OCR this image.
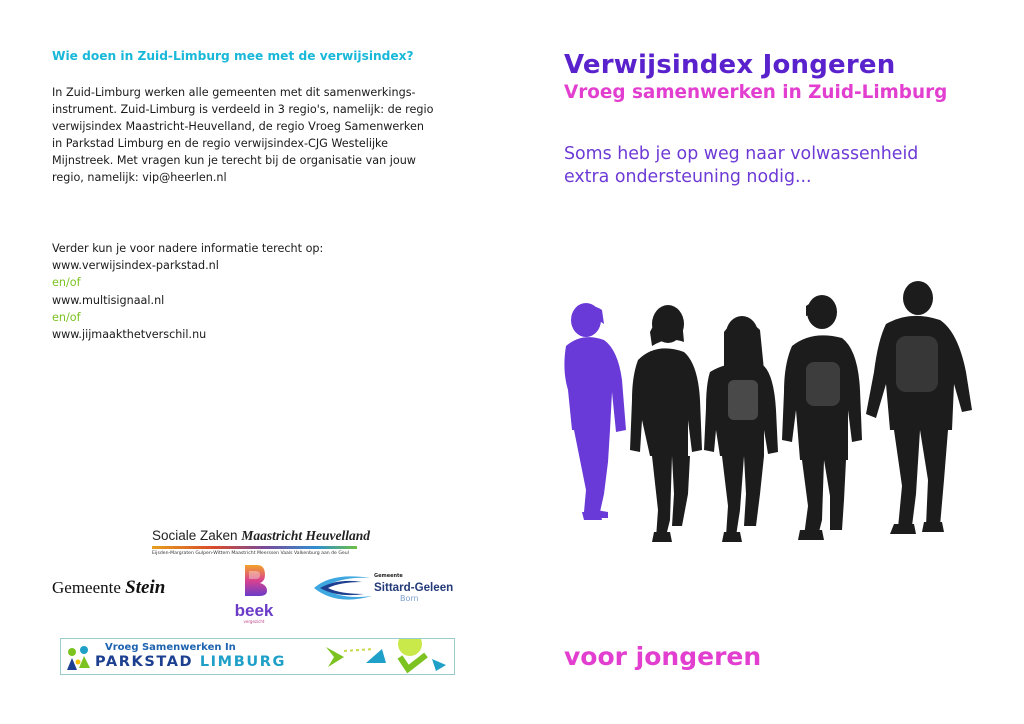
Wie doen in Zuid-Limburg mee met de verwijsindex?
In Zuid-Limburg werken alle gemeenten met dit samenwerkings-
instrument. Zuid-Limburg is verdeeld in 3 regio's, namelijk: de regio
verwijsindex Maastricht-Heuvelland, de regio Vroeg Samenwerken
in Parkstad Limburg en de regio verwijsindex-CJG Westelijke
Mijnstreek. Met vragen kun je terecht bij de organisatie van jouw
regio, namelijk: vip@heerlen.nl
Verder kun je voor nadere informatie terecht op:
www.verwijsindex-parkstad.nl
en/of
www.multisignaal.nl
en/of
www.jijmaakthetverschil.nu
Sociale Zaken Maastricht Heuvelland
Eijsden-Margraten Gulpen-Wittem Maastricht Meerssen Vaals Valkenburg aan de Geul
Gemeente Stein
beek
vergezicht
Gemeente
Sittard-Geleen
Born
Vroeg Samenwerken In
PARKSTAD LIMBURG
Verwijsindex Jongeren
Vroeg samenwerken in Zuid-Limburg
Soms heb je op weg naar volwassenheid
extra ondersteuning nodig...
voor jongeren
